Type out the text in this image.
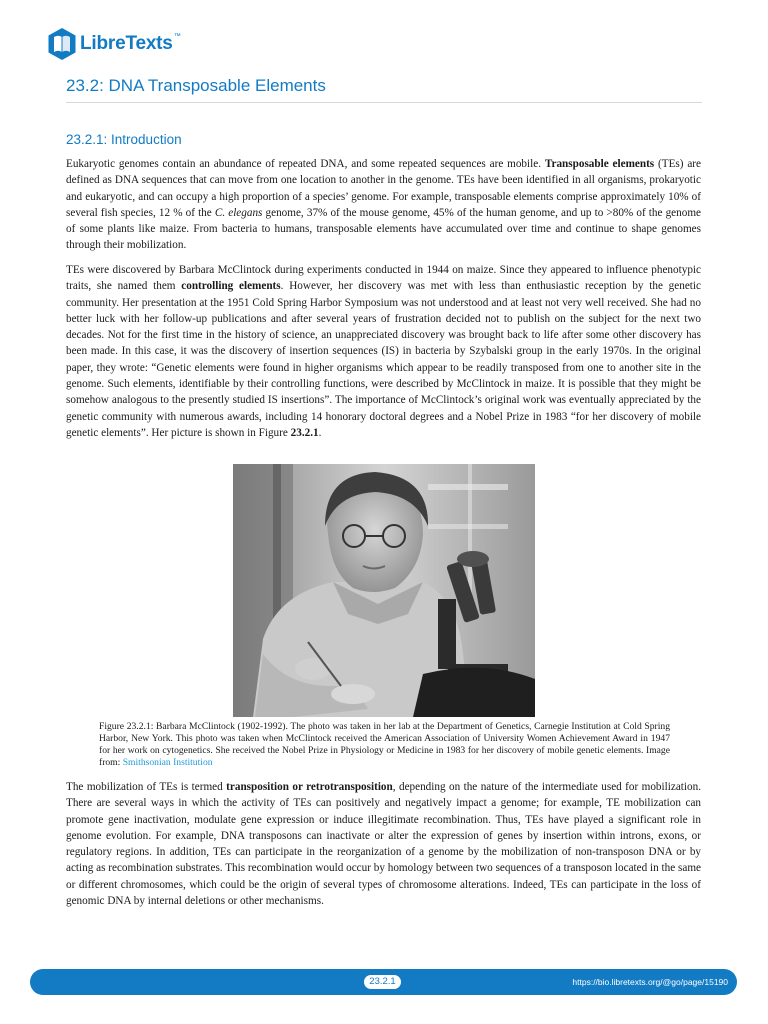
LibreTexts™
23.2: DNA Transposable Elements
23.2.1: Introduction

Eukaryotic genomes contain an abundance of repeated DNA, and some repeated sequences are mobile. Transposable elements (TEs) are defined as DNA sequences that can move from one location to another in the genome. TEs have been identified in all organisms, prokaryotic and eukaryotic, and can occupy a high proportion of a species’ genome. For example, transposable elements comprise approximately 10% of several fish species, 12 % of the C. elegans genome, 37% of the mouse genome, 45% of the human genome, and up to >80% of the genome of some plants like maize. From bacteria to humans, transposable elements have accumulated over time and continue to shape genomes through their mobilization.

TEs were discovered by Barbara McClintock during experiments conducted in 1944 on maize. Since they appeared to influence phenotypic traits, she named them controlling elements. However, her discovery was met with less than enthusiastic reception by the genetic community. Her presentation at the 1951 Cold Spring Harbor Symposium was not understood and at least not very well received. She had no better luck with her follow-up publications and after several years of frustration decided not to publish on the subject for the next two decades. Not for the first time in the history of science, an unappreciated discovery was brought back to life after some other discovery has been made. In this case, it was the discovery of insertion sequences (IS) in bacteria by Szybalski group in the early 1970s. In the original paper, they wrote: “Genetic elements were found in higher organisms which appear to be readily transposed from one to another site in the genome. Such elements, identifiable by their controlling functions, were described by McClintock in maize. It is possible that they might be somehow analogous to the presently studied IS insertions”. The importance of McClintock’s original work was eventually appreciated by the genetic community with numerous awards, including 14 honorary doctoral degrees and a Nobel Prize in 1983 “for her discovery of mobile genetic elements”. Her picture is shown in Figure 23.2.1.

Figure 23.2.1: Barbara McClintock (1902-1992). The photo was taken in her lab at the Department of Genetics, Carnegie Institution at Cold Spring Harbor, New York. This photo was taken when McClintock received the American Association of University Women Achievement Award in 1947 for her work on cytogenetics. She received the Nobel Prize in Physiology or Medicine in 1983 for her discovery of mobile genetic elements. Image from: Smithsonian Institution

The mobilization of TEs is termed transposition or retrotransposition, depending on the nature of the intermediate used for mobilization. There are several ways in which the activity of TEs can positively and negatively impact a genome; for example, TE mobilization can promote gene inactivation, modulate gene expression or induce illegitimate recombination. Thus, TEs have played a significant role in genome evolution. For example, DNA transposons can inactivate or alter the expression of genes by insertion within introns, exons, or regulatory regions. In addition, TEs can participate in the reorganization of a genome by the mobilization of non-transposon DNA or by acting as recombination substrates. This recombination would occur by homology between two sequences of a transposon located in the same or different chromosomes, which could be the origin of several types of chromosome alterations. Indeed, TEs can participate in the loss of genomic DNA by internal deletions or other mechanisms.

23.2.1	https://bio.libretexts.org/@go/page/15190
